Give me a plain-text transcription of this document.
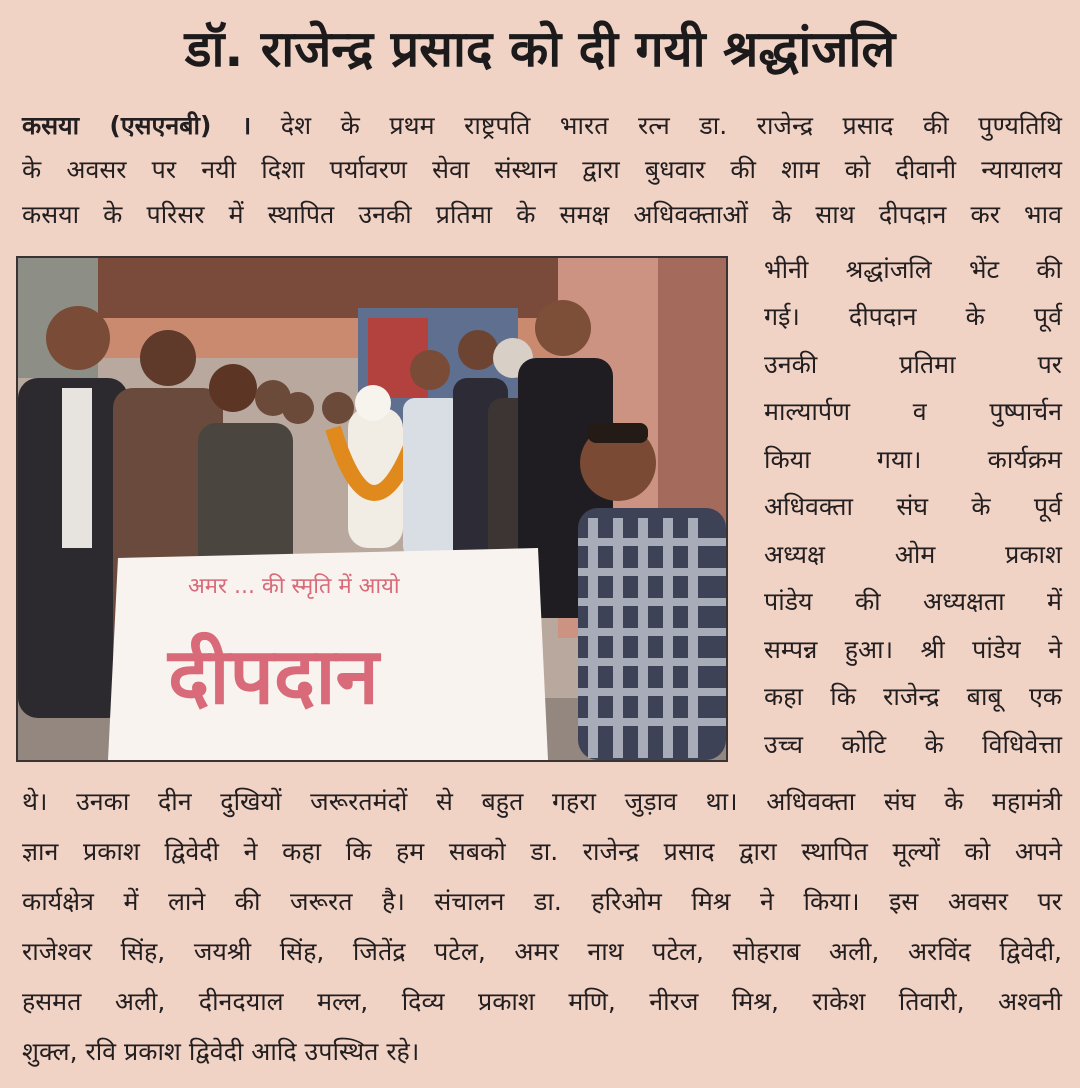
डॉ. राजेन्द्र प्रसाद को दी गयी श्रद्धांजलि
कसया (एसएनबी) । देश के प्रथम राष्ट्रपति भारत रत्न डा. राजेन्द्र प्रसाद की पुण्यतिथि
के अवसर पर नयी दिशा पर्यावरण सेवा संस्थान द्वारा बुधवार की शाम को दीवानी न्यायालय
कसया के परिसर में स्थापित उनकी प्रतिमा के समक्ष अधिवक्ताओं के साथ दीपदान कर भाव
अमर ... की स्मृति में आयो
दीपदान
भीनी श्रद्धांजलि भेंट की
गई। दीपदान के पूर्व
उनकी प्रतिमा पर
माल्यार्पण व पुष्पार्चन
किया गया। कार्यक्रम
अधिवक्ता संघ के पूर्व
अध्यक्ष ओम प्रकाश
पांडेय की अध्यक्षता में
सम्पन्न हुआ। श्री पांडेय ने
कहा कि राजेन्द्र बाबू एक
उच्च कोटि के विधिवेत्ता
थे। उनका दीन दुखियों जरूरतमंदों से बहुत गहरा जुड़ाव था। अधिवक्ता संघ के महामंत्री
ज्ञान प्रकाश द्विवेदी ने कहा कि हम सबको डा. राजेन्द्र प्रसाद द्वारा स्थापित मूल्यों को अपने
कार्यक्षेत्र में लाने की जरूरत है। संचालन डा. हरिओम मिश्र ने किया। इस अवसर पर
राजेश्वर सिंह, जयश्री सिंह, जितेंद्र पटेल, अमर नाथ पटेल, सोहराब अली, अरविंद द्विवेदी,
हसमत अली, दीनदयाल मल्ल, दिव्य प्रकाश मणि, नीरज मिश्र, राकेश तिवारी, अश्वनी
शुक्ल, रवि प्रकाश द्विवेदी आदि उपस्थित रहे।
